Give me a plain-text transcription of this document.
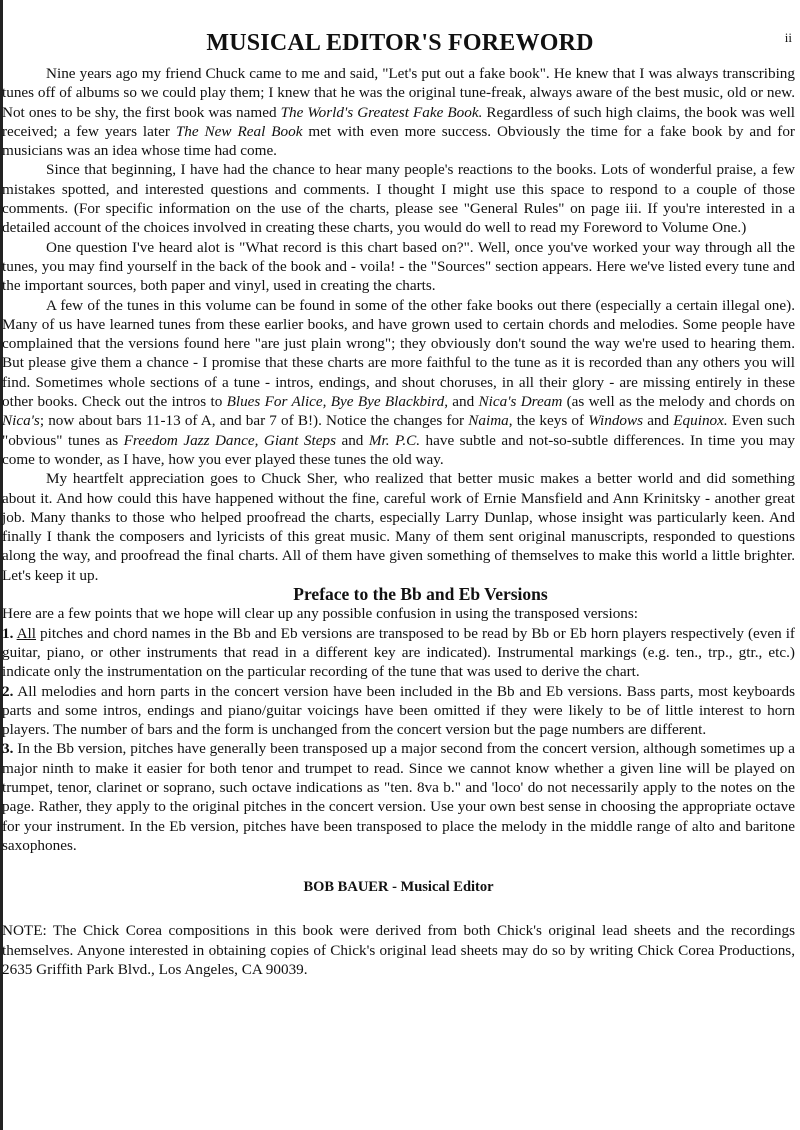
ii
MUSICAL EDITOR'S FOREWORD

Nine years ago my friend Chuck came to me and said, "Let's put out a fake book". He knew that I was always transcribing tunes off of albums so we could play them; I knew that he was the original tune-freak, always aware of the best music, old or new. Not ones to be shy, the first book was named The World's Greatest Fake Book. Regardless of such high claims, the book was well received; a few years later The New Real Book met with even more success. Obviously the time for a fake book by and for musicians was an idea whose time had come.

Since that beginning, I have had the chance to hear many people's reactions to the books. Lots of wonderful praise, a few mistakes spotted, and interested questions and comments. I thought I might use this space to respond to a couple of those comments. (For specific information on the use of the charts, please see "General Rules" on page iii. If you're interested in a detailed account of the choices involved in creating these charts, you would do well to read my Foreword to Volume One.)

One question I've heard alot is "What record is this chart based on?". Well, once you've worked your way through all the tunes, you may find yourself in the back of the book and - voila! - the "Sources" section appears. Here we've listed every tune and the important sources, both paper and vinyl, used in creating the charts.

A few of the tunes in this volume can be found in some of the other fake books out there (especially a certain illegal one). Many of us have learned tunes from these earlier books, and have grown used to certain chords and melodies. Some people have complained that the versions found here "are just plain wrong"; they obviously don't sound the way we're used to hearing them. But please give them a chance - I promise that these charts are more faithful to the tune as it is recorded than any others you will find. Sometimes whole sections of a tune - intros, endings, and shout choruses, in all their glory - are missing entirely in these other books. Check out the intros to Blues For Alice, Bye Bye Blackbird, and Nica's Dream (as well as the melody and chords on Nica's; now about bars 11-13 of A, and bar 7 of B!). Notice the changes for Naima, the keys of Windows and Equinox. Even such "obvious" tunes as Freedom Jazz Dance, Giant Steps and Mr. P.C. have subtle and not-so-subtle differences. In time you may come to wonder, as I have, how you ever played these tunes the old way.

My heartfelt appreciation goes to Chuck Sher, who realized that better music makes a better world and did something about it. And how could this have happened without the fine, careful work of Ernie Mansfield and Ann Krinitsky - another great job. Many thanks to those who helped proofread the charts, especially Larry Dunlap, whose insight was particularly keen. And finally I thank the composers and lyricists of this great music. Many of them sent original manuscripts, responded to questions along the way, and proofread the final charts. All of them have given something of themselves to make this world a little brighter. Let's keep it up.

Preface to the Bb and Eb Versions

Here are a few points that we hope will clear up any possible confusion in using the transposed versions:

1. All pitches and chord names in the Bb and Eb versions are transposed to be read by Bb or Eb horn players respectively (even if guitar, piano, or other instruments that read in a different key are indicated). Instrumental markings (e.g. ten., trp., gtr., etc.) indicate only the instrumentation on the particular recording of the tune that was used to derive the chart.

2. All melodies and horn parts in the concert version have been included in the Bb and Eb versions. Bass parts, most keyboards parts and some intros, endings and piano/guitar voicings have been omitted if they were likely to be of little interest to horn players. The number of bars and the form is unchanged from the concert version but the page numbers are different.

3. In the Bb version, pitches have generally been transposed up a major second from the concert version, although sometimes up a major ninth to make it easier for both tenor and trumpet to read. Since we cannot know whether a given line will be played on trumpet, tenor, clarinet or soprano, such octave indications as "ten. 8va b." and 'loco' do not necessarily apply to the notes on the page. Rather, they apply to the original pitches in the concert version. Use your own best sense in choosing the appropriate octave for your instrument. In the Eb version, pitches have been transposed to place the melody in the middle range of alto and baritone saxophones.

BOB BAUER - Musical Editor

NOTE: The Chick Corea compositions in this book were derived from both Chick's original lead sheets and the recordings themselves. Anyone interested in obtaining copies of Chick's original lead sheets may do so by writing Chick Corea Productions, 2635 Griffith Park Blvd., Los Angeles, CA 90039.
